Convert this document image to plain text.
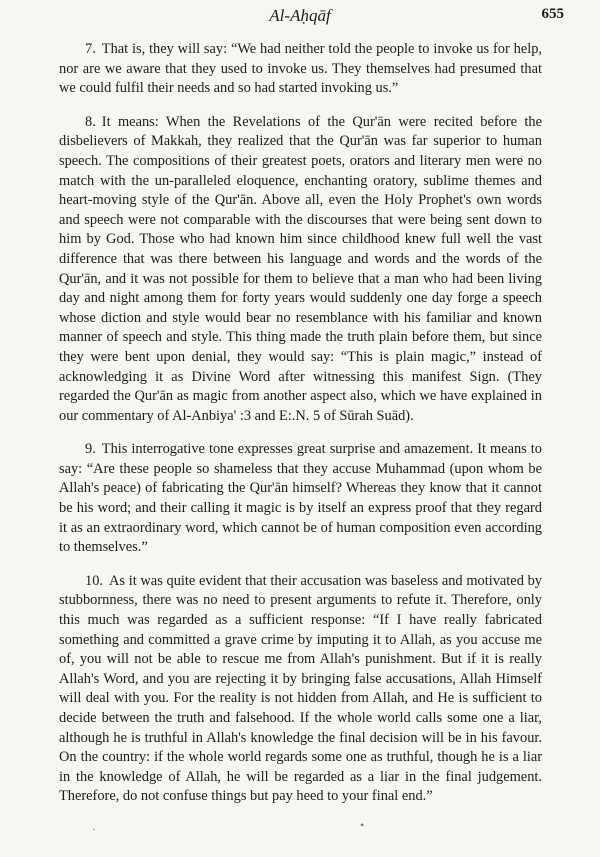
Al-Aḥqāf	655

7. That is, they will say: “We had neither told the people to invoke us for help, nor are we aware that they used to invoke us. They themselves had presumed that we could fulfil their needs and so had started invoking us.”

8. It means: When the Revelations of the Qur'ān were recited before the disbelievers of Makkah, they realized that the Qur'ān was far superior to human speech. The compositions of their greatest poets, orators and literary men were no match with the un-paralleled eloquence, enchanting oratory, sublime themes and heart-moving style of the Qur'ān. Above all, even the Holy Prophet's own words and speech were not comparable with the discourses that were being sent down to him by God. Those who had known him since childhood knew full well the vast difference that was there between his language and words and the words of the Qur'ān, and it was not possible for them to believe that a man who had been living day and night among them for forty years would suddenly one day forge a speech whose diction and style would bear no resemblance with his familiar and known manner of speech and style. This thing made the truth plain before them, but since they were bent upon denial, they would say: “This is plain magic,” instead of acknowledging it as Divine Word after witnessing this manifest Sign. (They regarded the Qur'ān as magic from another aspect also, which we have explained in our commentary of Al-Anbiya' :3 and E:.N. 5 of Sūrah Suād).

9. This interrogative tone expresses great surprise and amazement. It means to say: “Are these people so shameless that they accuse Muhammad (upon whom be Allah's peace) of fabricating the Qur'ān himself? Whereas they know that it cannot be his word; and their calling it magic is by itself an express proof that they regard it as an extraordinary word, which cannot be of human composition even according to themselves.”

10. As it was quite evident that their accusation was baseless and motivated by stubbornness, there was no need to present arguments to refute it. Therefore, only this much was regarded as a sufficient response: “If I have really fabricated something and committed a grave crime by imputing it to Allah, as you accuse me of, you will not be able to rescue me from Allah's punishment. But if it is really Allah's Word, and you are rejecting it by bringing false accusations, Allah Himself will deal with you. For the reality is not hidden from Allah, and He is sufficient to decide between the truth and falsehood. If the whole world calls some one a liar, although he is truthful in Allah's knowledge the final decision will be in his favour. On the country: if the whole world regards some one as truthful, though he is a liar in the knowledge of Allah, he will be regarded as a liar in the final judgement. Therefore, do not confuse things but pay heed to your final end.”

•
·
